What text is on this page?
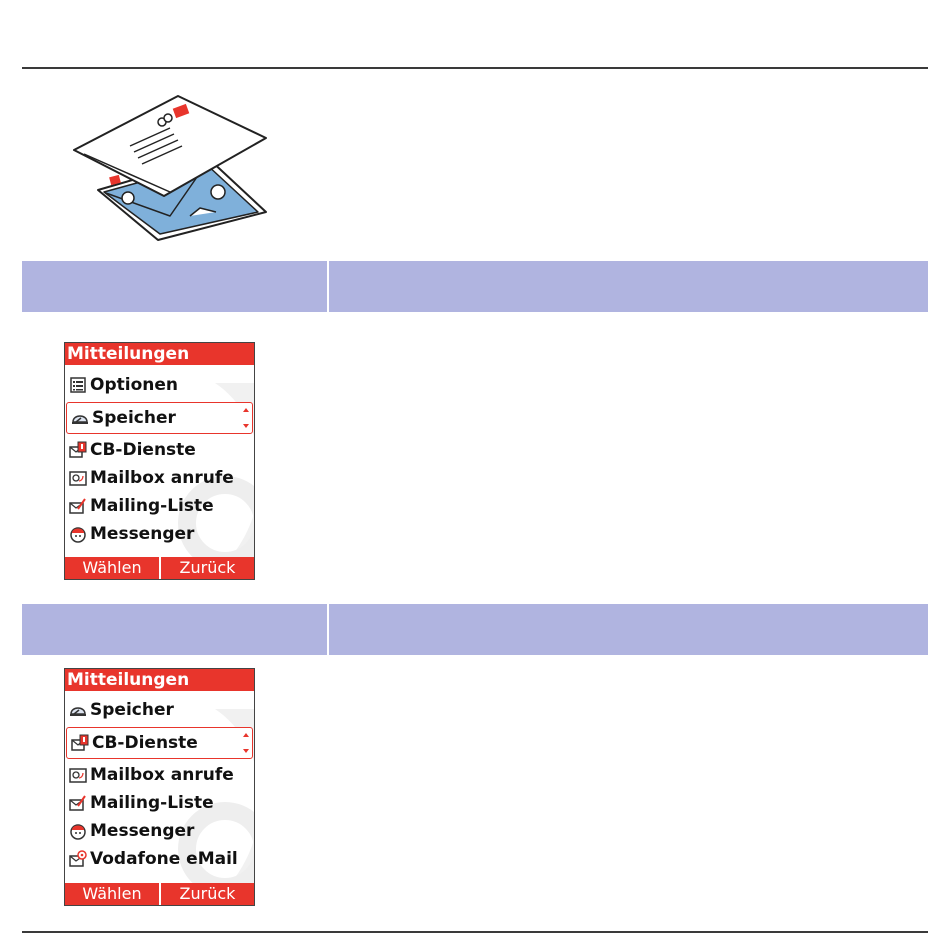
Mitteilungen
Optionen
Speicher
CB-Dienste
Mailbox anrufe
Mailing-Liste
Messenger
Wählen	Zurück
Mitteilungen
Speicher
CB-Dienste
Mailbox anrufe
Mailing-Liste
Messenger
Vodafone eMail
Wählen	Zurück
